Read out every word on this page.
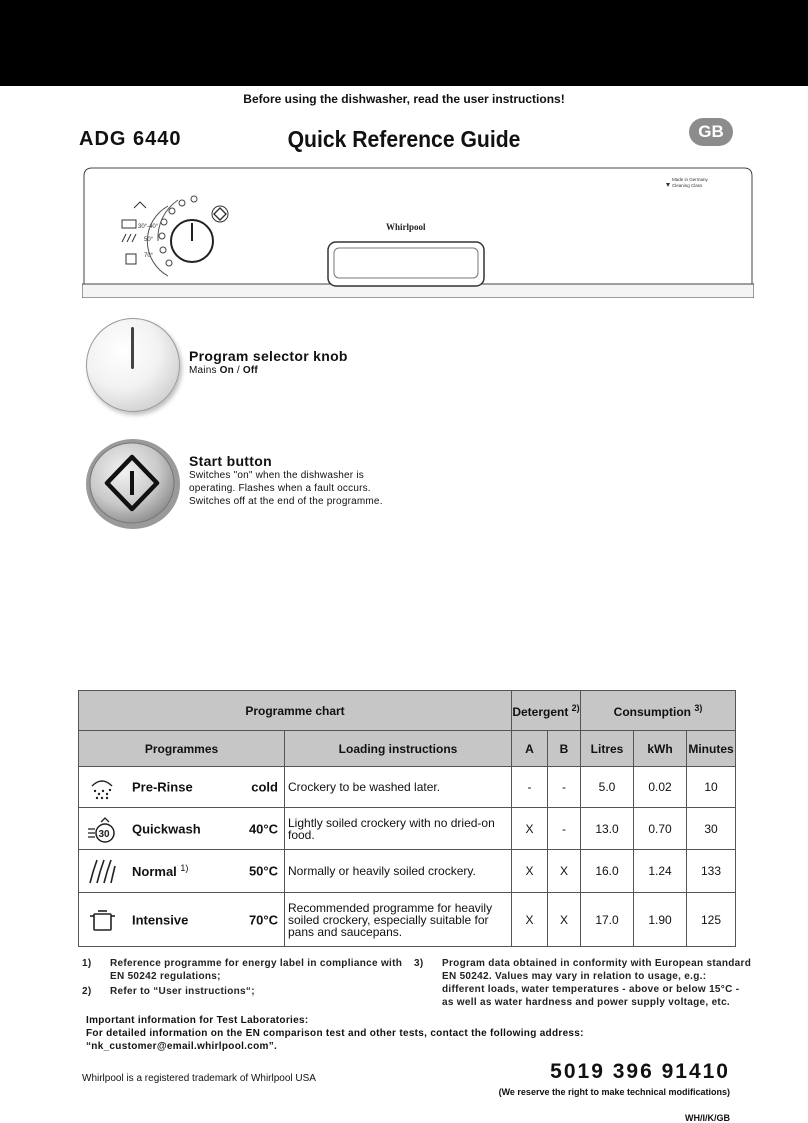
Before using the dishwasher, read the user instructions!
ADG 6440	Quick Reference Guide	GB
30°-40°
50°
70°
Whirlpool
Made in Germany
Cleaning Class
Program selector knob
Mains On / Off
Start button
Switches "on" when the dishwasher is
operating. Flashes when a fault occurs.
Switches off at the end of the programme.
Programme chart		Detergent $^{2)}$		Consumption $^{3)}$
Programmes	Loading instructions	A	B	Litres	kWh	Minutes

Pre-Rinse cold	Crockery to be washed later.	-	-	5.0	0.02	10

30 Quickwash 40°C	Lightly soiled crockery with no dried-on food.	X	-	13.0	0.70	30

Normal $^{1)}$ 50°C	Normally or heavily soiled crockery.	X	X	16.0	1.24	133

Intensive 70°C	Recommended programme for heavily soiled crockery, especially suitable for pans and saucepans.	X	X	17.0	1.90	125
1) Reference programme for energy label in compliance with
EN 50242 regulations;
2) Refer to “User instructions“;
3) Program data obtained in conformity with European standard
EN 50242. Values may vary in relation to usage, e.g.:
different loads, water temperatures - above or below 15°C -
as well as water hardness and power supply voltage, etc.
Important information for Test Laboratories:
For detailed information on the EN comparison test and other tests, contact the following address:
“nk_customer@email.whirlpool.com”.
Whirlpool is a registered trademark of Whirlpool USA	5019 396 91410
(We reserve the right to make technical modifications)
WH/I/K/GB
